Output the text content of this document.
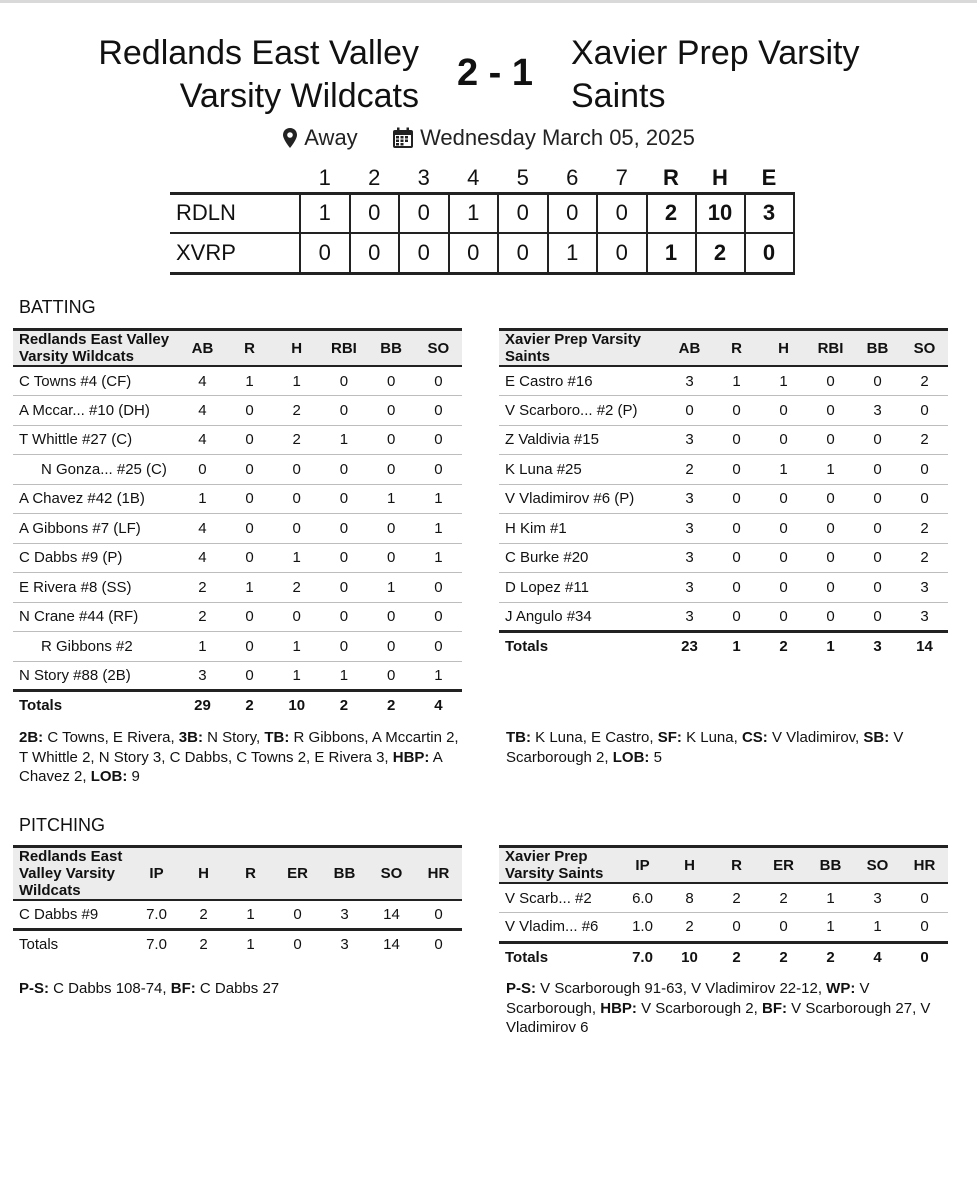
Redlands East Valley
Varsity Wildcats
2 - 1	Xavier Prep Varsity
Saints
Away	Wednesday March 05, 2025
	1	2	3	4	5	6	7	R	H	E
RDLN	1	0	0	1	0	0	0	2	10	3
XVRP	0	0	0	0	0	1	0	1	2	0
BATTING
Redlands East Valley Varsity Wildcats	AB	R	H	RBI	BB	SO
C Towns #4 (CF)	4	1	1	0	0	0
A Mccar... #10 (DH)	4	0	2	0	0	0
T Whittle #27 (C)	4	0	2	1	0	0
N Gonza... #25 (C)	0	0	0	0	0	0
A Chavez #42 (1B)	1	0	0	0	1	1
A Gibbons #7 (LF)	4	0	0	0	0	1
C Dabbs #9 (P)	4	0	1	0	0	1
E Rivera #8 (SS)	2	1	2	0	1	0
N Crane #44 (RF)	2	0	0	0	0	0
R Gibbons #2	1	0	1	0	0	0
N Story #88 (2B)	3	0	1	1	0	1
Totals	29	2	10	2	2	4
Xavier Prep Varsity Saints	AB	R	H	RBI	BB	SO
E Castro #16	3	1	1	0	0	2
V Scarboro... #2 (P)	0	0	0	0	3	0
Z Valdivia #15	3	0	0	0	0	2
K Luna #25	2	0	1	1	0	0
V Vladimirov #6 (P)	3	0	0	0	0	0
H Kim #1	3	0	0	0	0	2
C Burke #20	3	0	0	0	0	2
D Lopez #11	3	0	0	0	0	3
J Angulo #34	3	0	0	0	0	3
Totals	23	1	2	1	3	14
2B: C Towns, E Rivera, 3B: N Story, TB: R Gibbons, A Mccartin 2, T Whittle 2, N Story 3, C Dabbs, C Towns 2, E Rivera 3, HBP: A Chavez 2, LOB: 9
TB: K Luna, E Castro, SF: K Luna, CS: V Vladimirov, SB: V Scarborough 2, LOB: 5
PITCHING
Redlands East Valley Varsity Wildcats	IP	H	R	ER	BB	SO	HR
C Dabbs #9	7.0	2	1	0	3	14	0
Totals	7.0	2	1	0	3	14	0
Xavier Prep Varsity Saints	IP	H	R	ER	BB	SO	HR
V Scarb... #2	6.0	8	2	2	1	3	0
V Vladim... #6	1.0	2	0	0	1	1	0
Totals	7.0	10	2	2	2	4	0
P-S: C Dabbs 108-74, BF: C Dabbs 27	P-S: V Scarborough 91-63, V Vladimirov 22-12, WP: V Scarborough, HBP: V Scarborough 2, BF: V Scarborough 27, V Vladimirov 6
